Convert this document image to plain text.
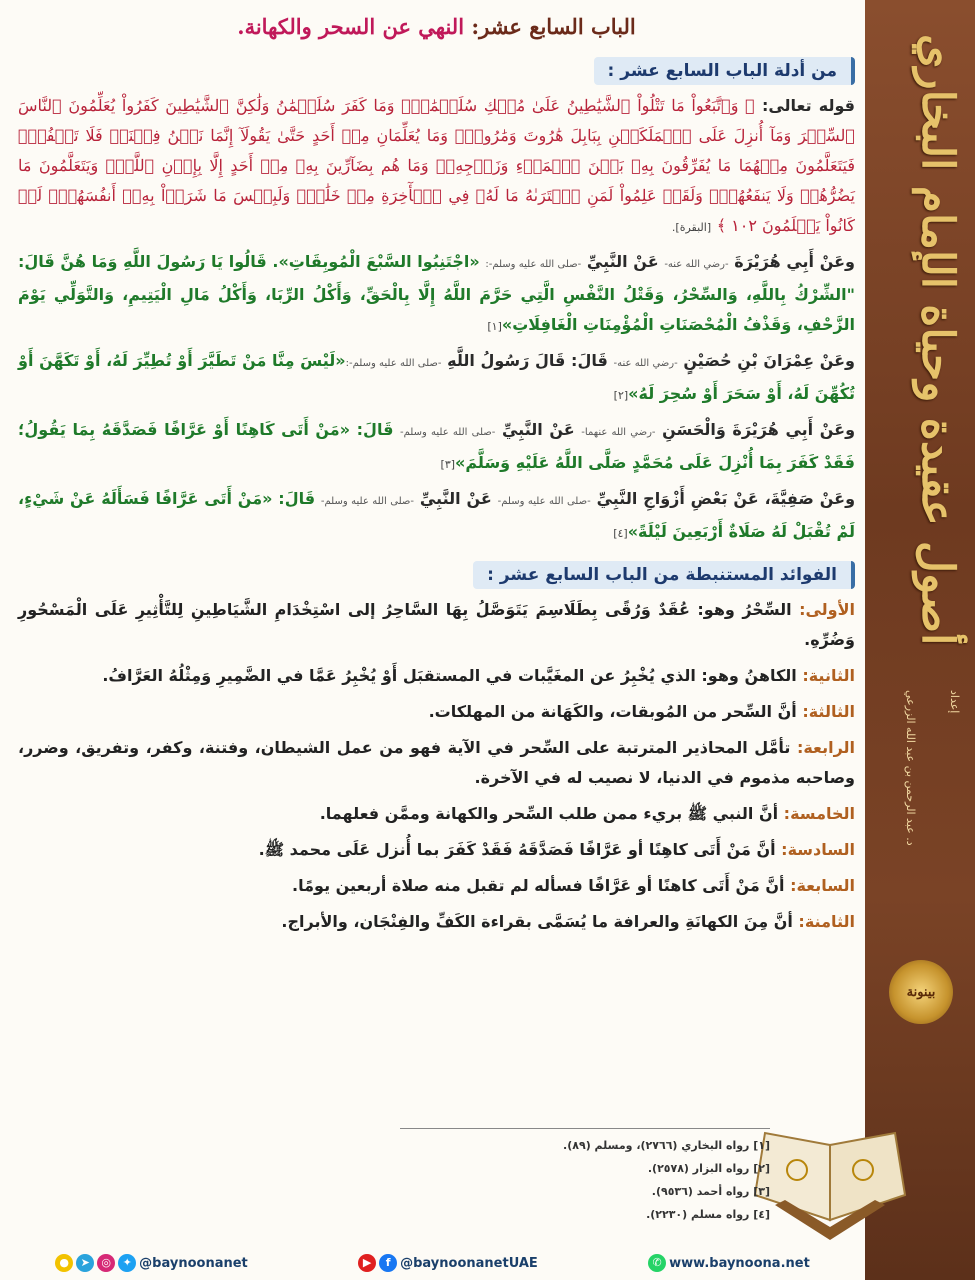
أصول عقيدة وحياة الإمام البخاري
د. عبد الرحمن بن عبد الله الزرعي	إعداد
بينونة
الباب السابع عشر: النهي عن السحر والكهانة.
من أدلة الباب السابع عشر :

قوله تعالى: ﴿ وَٱتَّبَعُواْ مَا تَتْلُواْ ٱلشَّيَٰطِينُ عَلَىٰ مُلۡكِ سُلَيۡمَٰنَۖ وَمَا كَفَرَ سُلَيۡمَٰنُ وَلَٰكِنَّ ٱلشَّيَٰطِينَ كَفَرُواْ يُعَلِّمُونَ ٱلنَّاسَ ٱلسِّحۡرَ وَمَآ أُنزِلَ عَلَى ٱلۡمَلَكَيۡنِ بِبَابِلَ هَٰرُوتَ وَمَٰرُوتَۚ وَمَا يُعَلِّمَانِ مِنۡ أَحَدٍ حَتَّىٰ يَقُولَآ إِنَّمَا نَحۡنُ فِتۡنَةٞ فَلَا تَكۡفُرۡۖ فَيَتَعَلَّمُونَ مِنۡهُمَا مَا يُفَرِّقُونَ بِهِۦ بَيۡنَ ٱلۡمَرۡءِ وَزَوۡجِهِۦۚ وَمَا هُم بِضَآرِّينَ بِهِۦ مِنۡ أَحَدٍ إِلَّا بِإِذۡنِ ٱللَّهِۚ وَيَتَعَلَّمُونَ مَا يَضُرُّهُمۡ وَلَا يَنفَعُهُمۡۚ وَلَقَدۡ عَلِمُواْ لَمَنِ ٱشۡتَرَىٰهُ مَا لَهُۥ فِي ٱلۡأٓخِرَةِ مِنۡ خَلَٰقٖۚ وَلَبِئۡسَ مَا شَرَوۡاْ بِهِۦٓ أَنفُسَهُمۡۚ لَوۡ كَانُواْ يَعۡلَمُونَ ١٠٢ ﴾ [البقرة].

وعَنْ أَبِي هُرَيْرَةَ -رضي الله عنه- عَنْ النَّبِيِّ -صلى الله عليه وسلم-: «اجْتَنِبُوا السَّبْعَ الْمُوبِقَاتِ». قَالُوا يَا رَسُولَ اللَّهِ وَمَا هُنَّ قَالَ: "الشِّرْكُ بِاللَّهِ، وَالسِّحْرُ، وَقَتْلُ النَّفْسِ الَّتِي حَرَّمَ اللَّهُ إِلَّا بِالْحَقِّ، وَأَكْلُ الرِّبَا، وَأَكْلُ مَالِ الْيَتِيمِ، وَالتَّوَلِّي يَوْمَ الزَّحْفِ، وَقَذْفُ الْمُحْصَنَاتِ الْمُؤْمِنَاتِ الْغَافِلَاتِ»[١]

وعَنْ عِمْرَانَ بْنِ حُصَيْنٍ -رضي الله عنه- قَالَ: قَالَ رَسُولُ اللَّهِ -صلى الله عليه وسلم-:«لَيْسَ مِنَّا مَنْ تَطَيَّرَ أَوْ تُطِيِّرَ لَهُ، أَوْ تَكَهَّنَ أَوْ تُكُهِّنَ لَهُ، أَوْ سَحَرَ أَوْ سُحِرَ لَهُ»[٢]

وعَنْ أَبِي هُرَيْرَةَ وَالْحَسَنِ -رضي الله عنهما- عَنْ النَّبِيِّ -صلى الله عليه وسلم- قَالَ: «مَنْ أَتَى كَاهِنًا أَوْ عَرَّافًا فَصَدَّقَهُ بِمَا يَقُولُ؛ فَقَدْ كَفَرَ بِمَا أُنْزِلَ عَلَى مُحَمَّدٍ صَلَّى اللَّهُ عَلَيْهِ وَسَلَّمَ»[٣]

وعَنْ صَفِيَّةَ، عَنْ بَعْضِ أَزْوَاجِ النَّبِيِّ -صلى الله عليه وسلم- عَنْ النَّبِيِّ -صلى الله عليه وسلم- قَالَ: «مَنْ أَتَى عَرَّافًا فَسَأَلَهُ عَنْ شَيْءٍ، لَمْ تُقْبَلْ لَهُ صَلَاةٌ أَرْبَعِينَ لَيْلَةً»[٤]

الفوائد المستنبطة من الباب السابع عشر :

الأولى: السِّحْرُ وهو: عُقَدٌ وَرُقًى بِطَلَاسِمَ يَتَوَصَّلُ بِهَا السَّاحِرُ إلى اسْتِخْدَامِ الشَّيَاطِينِ لِلتَّأْثِيرِ عَلَى الْمَسْحُورِ وَضُرِّهِ.

الثانية: الكاهنُ وهو: الذي يُخْبِرُ عن المغَيَّبات في المستقبَل أَوْ يُخْبِرُ عَمَّا في الضَّمِيرِ وَمِثْلُهُ العَرَّافُ.

الثالثة: أنَّ السِّحر من المُوبقات، والكَهَانة من المهلكات.

الرابعة: تأمَّل المحاذير المترتبة على السِّحر في الآية فهو من عمل الشيطان، وفتنة، وكفر، وتفريق، وضرر، وصاحبه مذموم في الدنيا، لا نصيب له في الآخرة.

الخامسة: أنَّ النبي ﷺ بريء ممن طلب السِّحر والكهانة وممَّن فعلهما.

السادسة: أنَّ مَنْ أَتَى كاهِنًا أو عَرَّافًا فَصَدَّقَهُ فَقَدْ كَفَرَ بما أُنزل عَلَى محمد ﷺ.

السابعة: أنَّ مَنْ أَتَى كاهنًا أو عَرَّافًا فسأله لم تقبل منه صلاة أربعين يومًا.

الثامنة: أنَّ مِنَ الكهانَةِ والعرافة ما يُسَمَّى بقراءة الكَفِّ والفِنْجَان، والأبراج.

[١] رواه البخاري (٢٧٦٦)، ومسلم (٨٩).

[٢] رواه البزار (٢٥٧٨).

[٣] رواه أحمد (٩٥٣٦).

[٤] رواه مسلم (٢٢٣٠).

●	➤	◎	✦ @baynoonanet	▶	f @baynoonanetUAE	✆ www.baynoona.net
